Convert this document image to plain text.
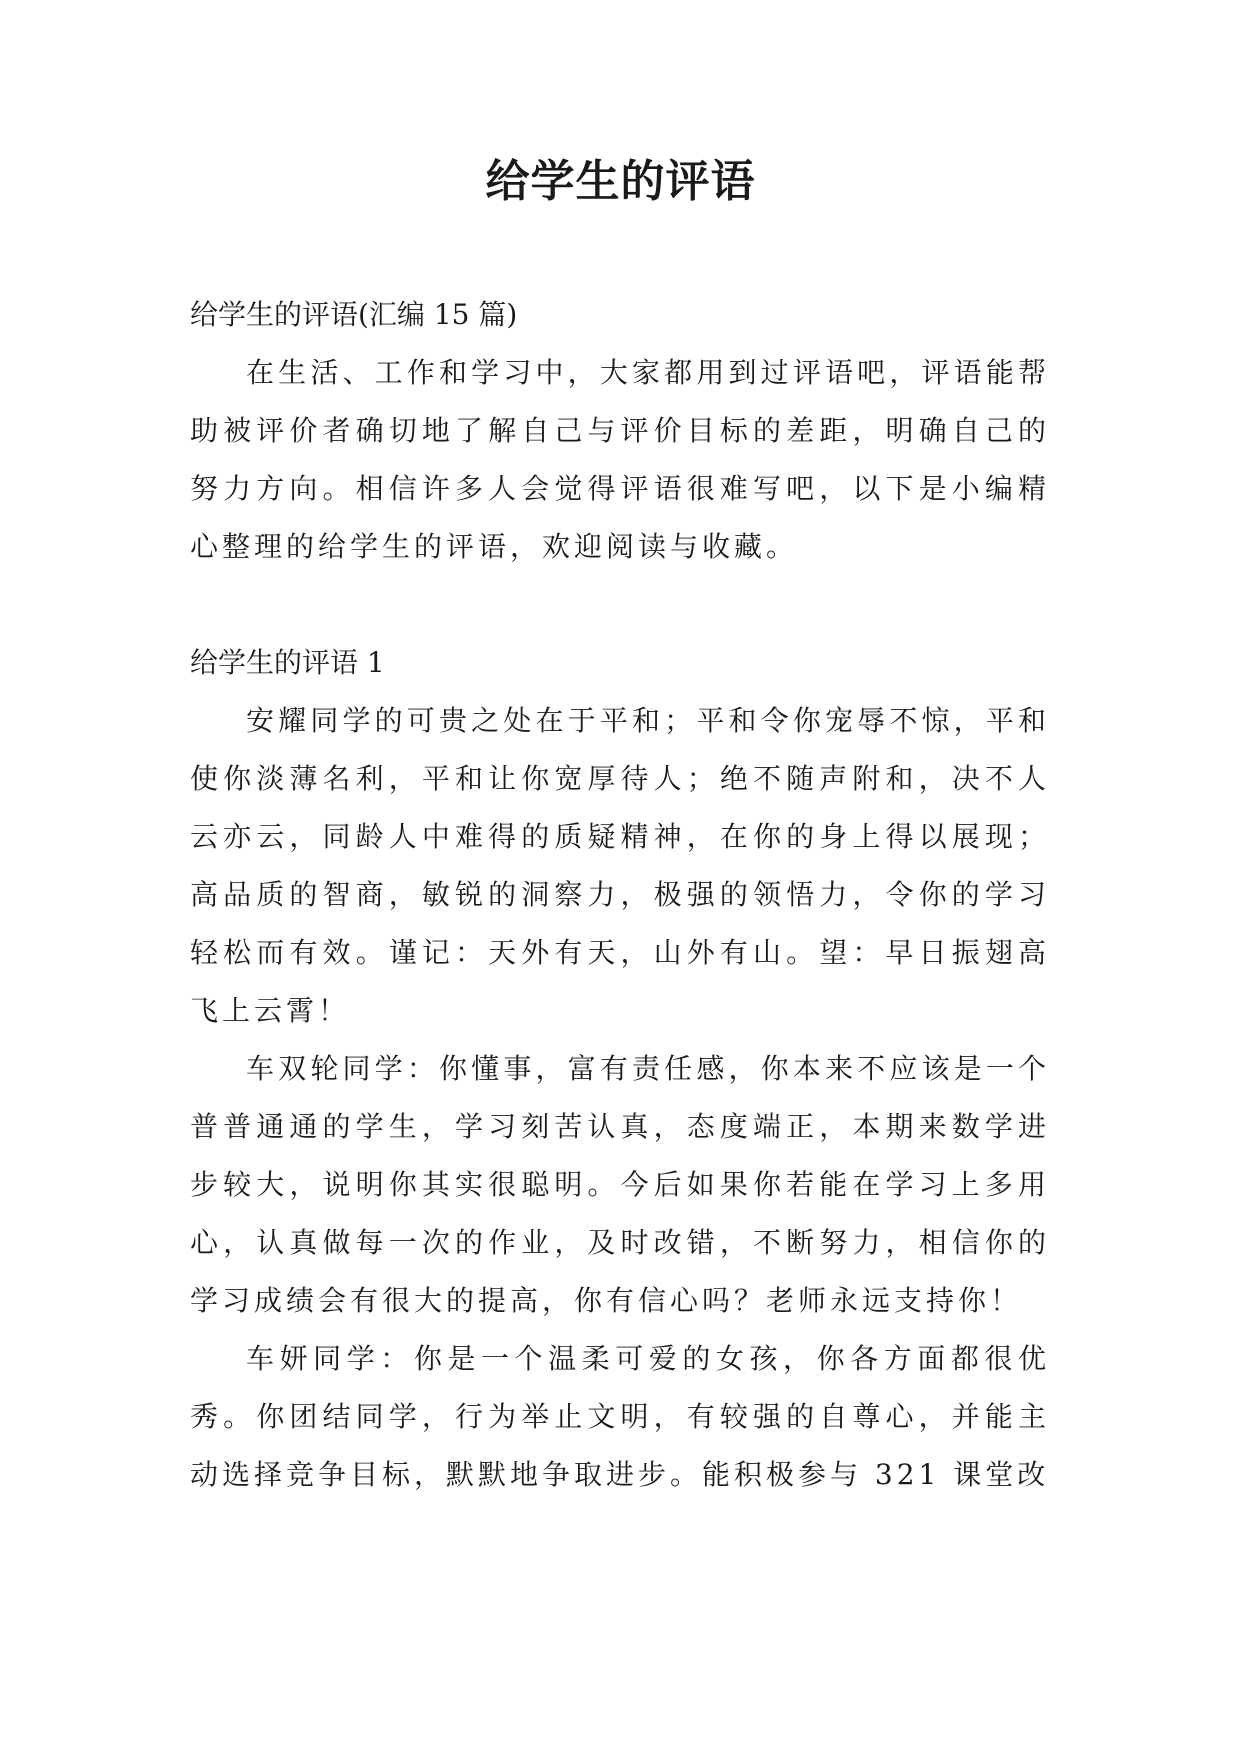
给学生的评语

给学生的评语(汇编 15 篇)

在生活、工作和学习中，大家都用到过评语吧，评语能帮助被评价者确切地了解自己与评价目标的差距，明确自己的努力方向。相信许多人会觉得评语很难写吧，以下是小编精心整理的给学生的评语，欢迎阅读与收藏。

给学生的评语 1

安耀同学的可贵之处在于平和；平和令你宠辱不惊，平和使你淡薄名利，平和让你宽厚待人；绝不随声附和，决不人云亦云，同龄人中难得的质疑精神，在你的身上得以展现；高品质的智商，敏锐的洞察力，极强的领悟力，令你的学习轻松而有效。谨记：天外有天，山外有山。望：早日振翅高飞上云霄！

车双轮同学：你懂事，富有责任感，你本来不应该是一个普普通通的学生，学习刻苦认真，态度端正，本期来数学进步较大，说明你其实很聪明。今后如果你若能在学习上多用心，认真做每一次的作业，及时改错，不断努力，相信你的学习成绩会有很大的提高，你有信心吗？老师永远支持你！

车妍同学：你是一个温柔可爱的女孩，你各方面都很优秀。你团结同学，行为举止文明，有较强的自尊心，并能主动选择竞争目标，默默地争取进步。能积极参与 321 课堂改
